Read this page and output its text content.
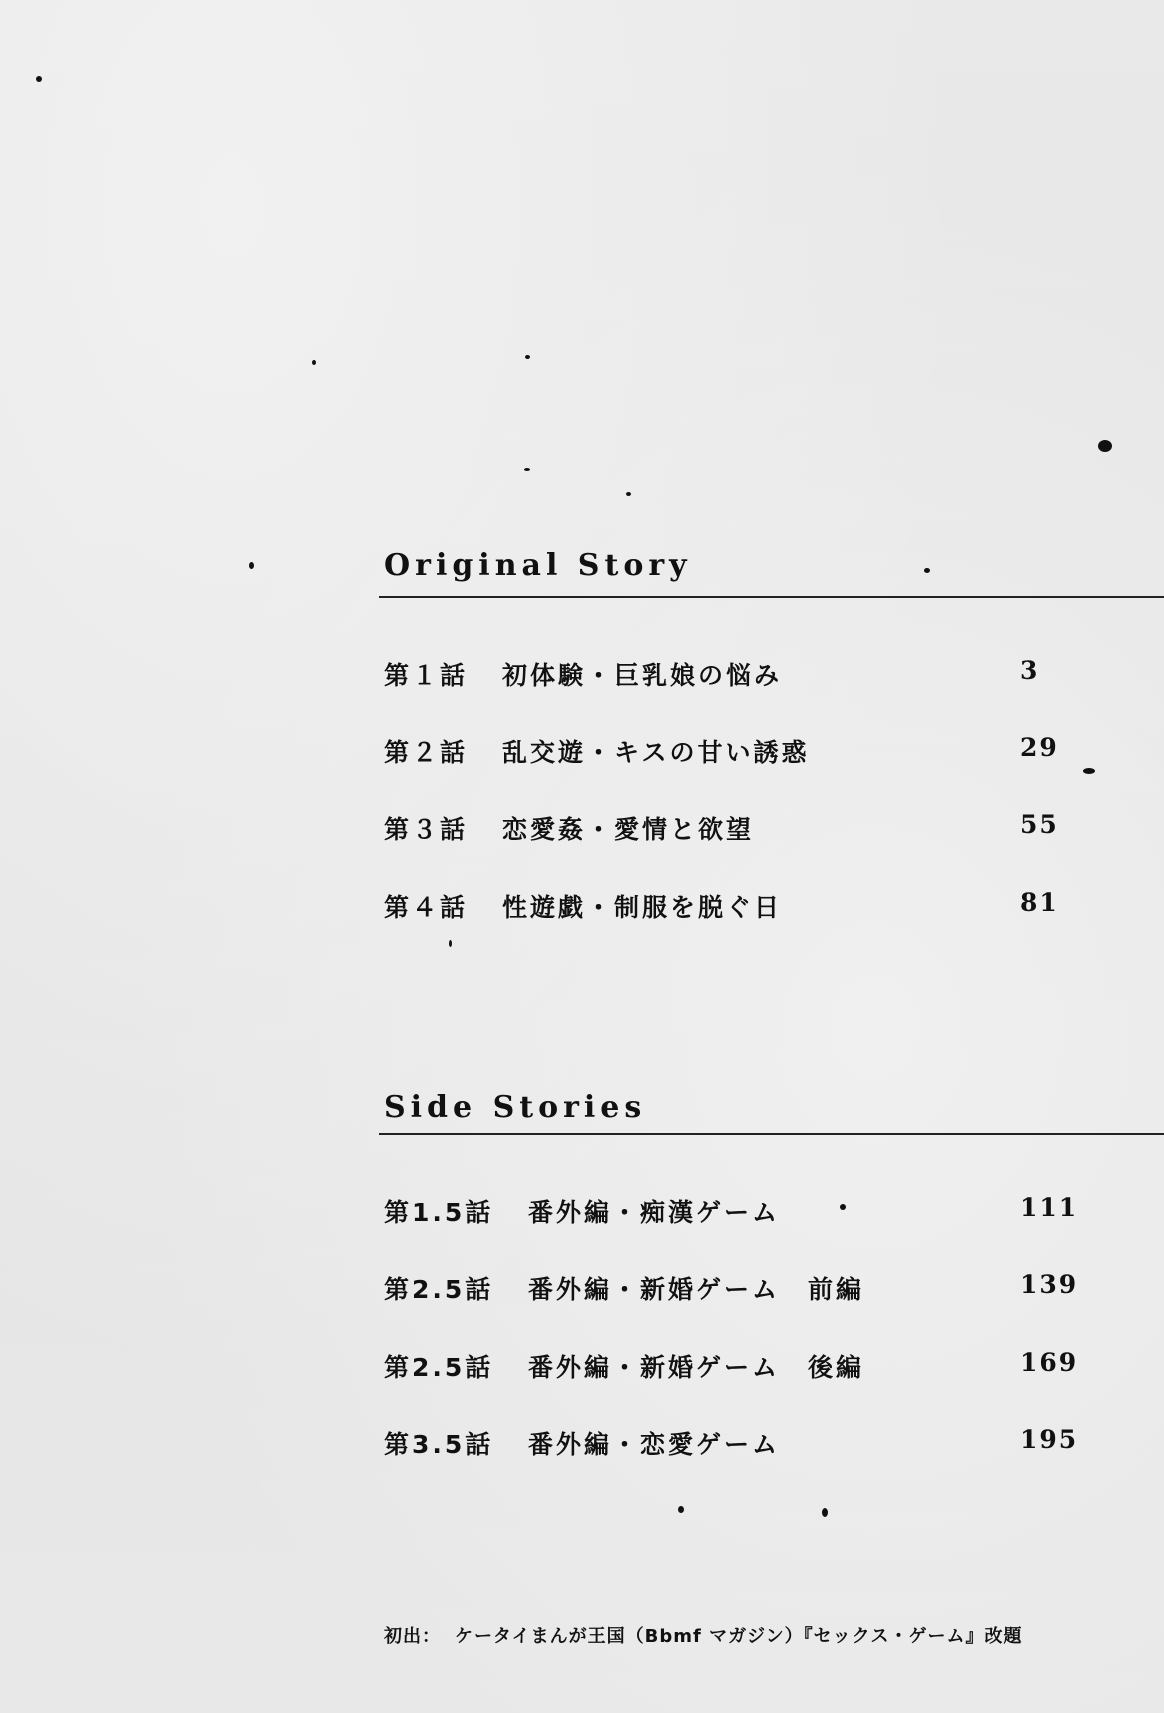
Original Story
第１話 初体験・巨乳娘の悩み	3
第２話 乱交遊・キスの甘い誘惑	29
第３話 恋愛姦・愛情と欲望	55
第４話 性遊戯・制服を脱ぐ日	81
Side Stories
第1.5話 番外編・痴漢ゲーム	111
第2.5話 番外編・新婚ゲーム　前編	139
第2.5話 番外編・新婚ゲーム　後編	169
第3.5話 番外編・恋愛ゲーム	195
初出： ケータイまんが王国（Bbmf マガジン）『セックス・ゲーム』改題
